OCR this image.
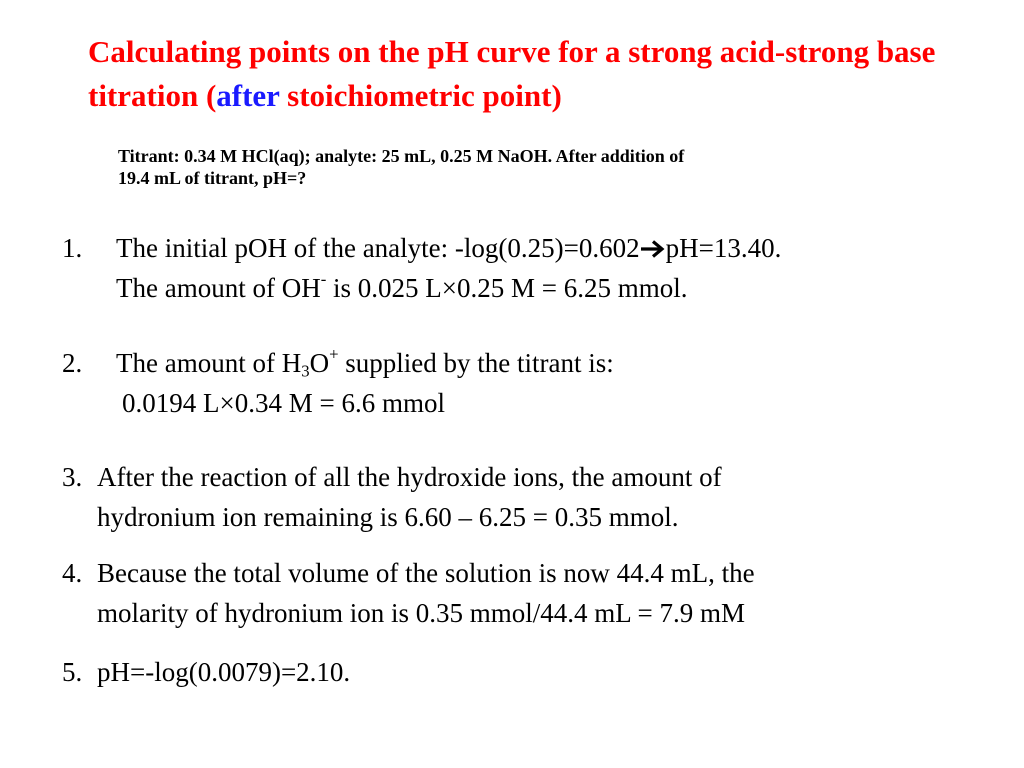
Calculating points on the pH curve for a strong acid-strong base titration (after stoichiometric point)
Titrant: 0.34 M HCl(aq); analyte: 25 mL, 0.25 M NaOH. After addition of
19.4 mL of titrant, pH=?
1. The initial pOH of the analyte: -log(0.25)=0.602 pH=13.40.
The amount of OH- is 0.025 L×0.25 M = 6.25 mmol.
2. The amount of $H_3O^+$ supplied by the titrant is:
0.0194 L×0.34 M = 6.6 mmol
3. After the reaction of all the hydroxide ions, the amount of
hydronium ion remaining is 6.60 – 6.25 = 0.35 mmol.
4. Because the total volume of the solution is now 44.4 mL, the
molarity of hydronium ion is 0.35 mmol/44.4 mL = 7.9 mM
5. pH=-log(0.0079)=2.10.
